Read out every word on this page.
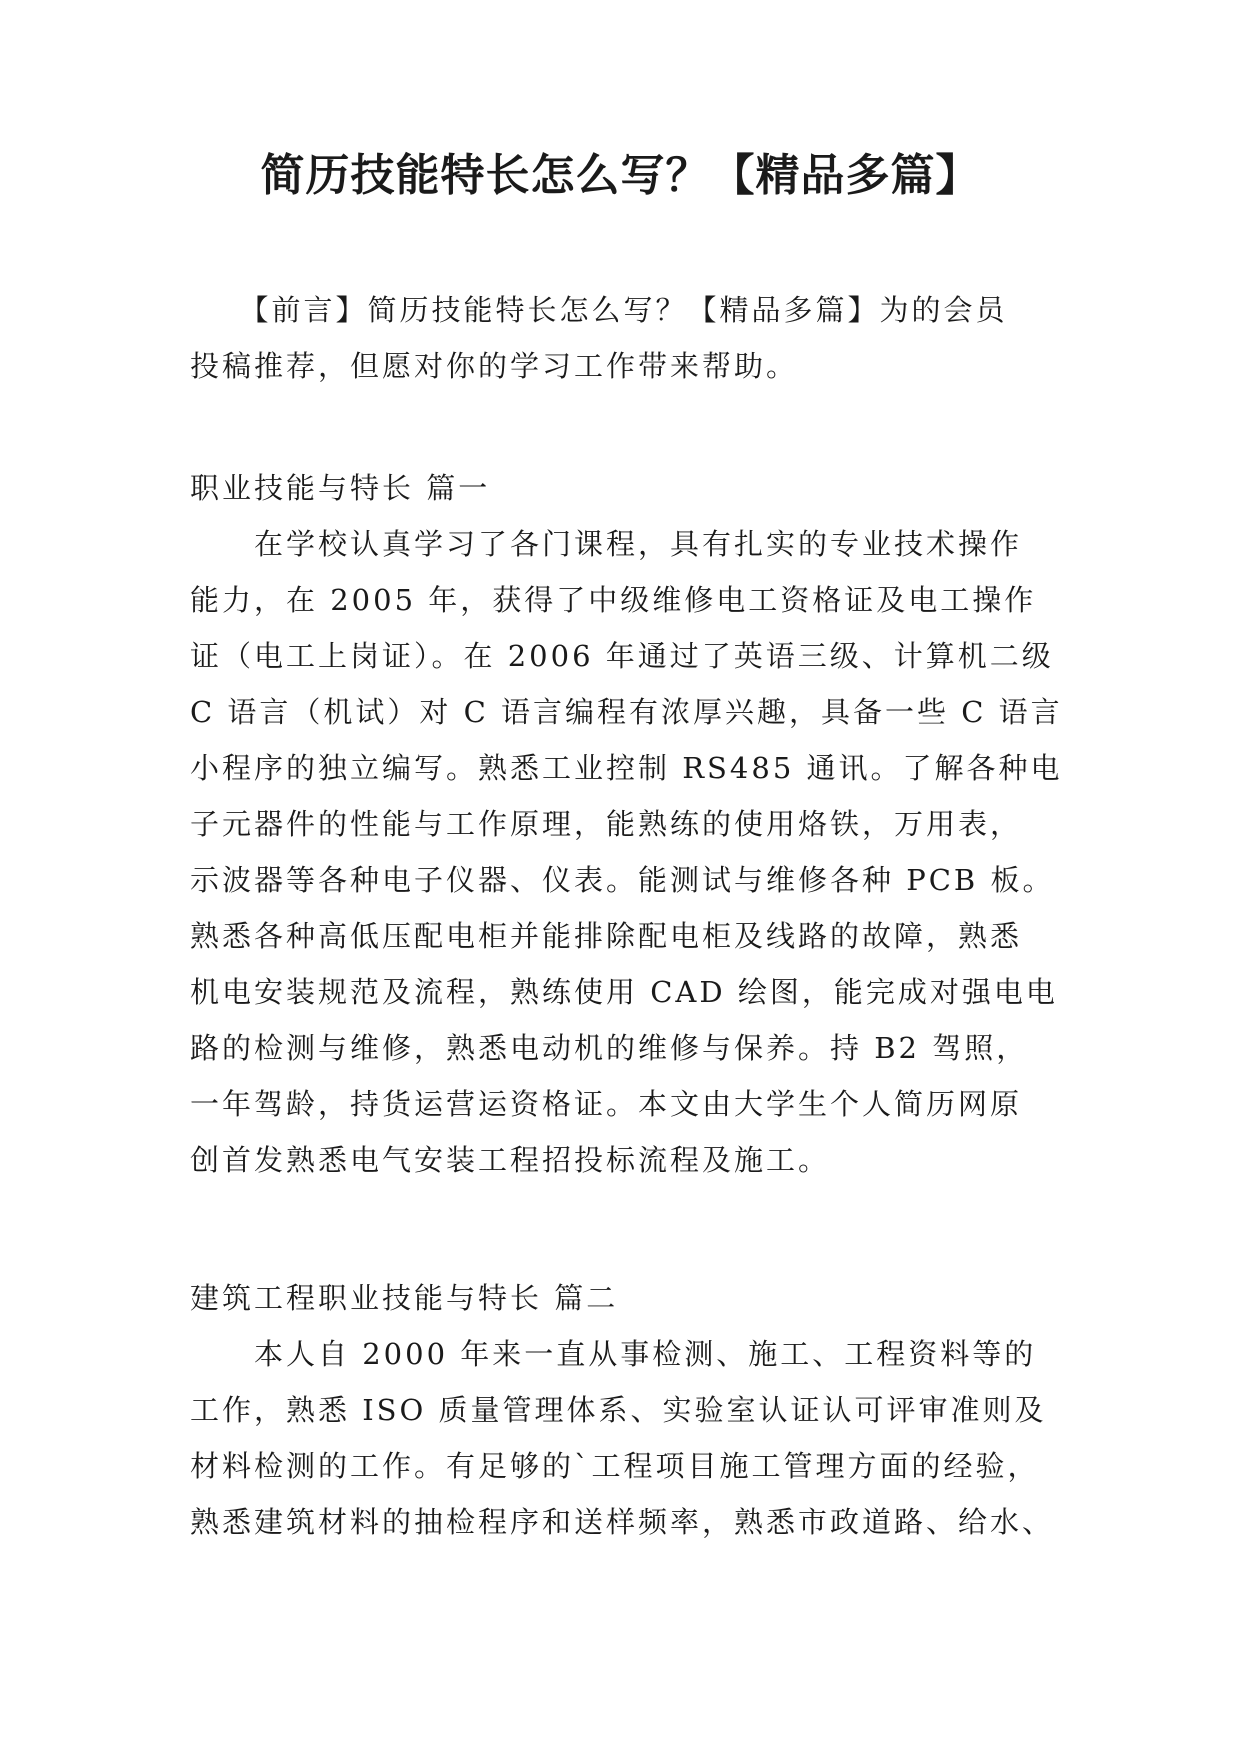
简历技能特长怎么写？【精品多篇】
　　【前言】简历技能特长怎么写？【精品多篇】为的会员
投稿推荐，但愿对你的学习工作带来帮助。
职业技能与特长 篇一
　　在学校认真学习了各门课程，具有扎实的专业技术操作
能力，在 2005 年，获得了中级维修电工资格证及电工操作
证（电工上岗证）。在 2006 年通过了英语三级、计算机二级
C 语言（机试）对 C 语言编程有浓厚兴趣，具备一些 C 语言
小程序的独立编写。熟悉工业控制 RS485 通讯。了解各种电
子元器件的性能与工作原理，能熟练的使用烙铁，万用表，
示波器等各种电子仪器、仪表。能测试与维修各种 PCB 板。
熟悉各种高低压配电柜并能排除配电柜及线路的故障，熟悉
机电安装规范及流程，熟练使用 CAD 绘图，能完成对强电电
路的检测与维修，熟悉电动机的维修与保养。持 B2 驾照，
一年驾龄，持货运营运资格证。本文由大学生个人简历网原
创首发熟悉电气安装工程招投标流程及施工。
建筑工程职业技能与特长 篇二
　　本人自 2000 年来一直从事检测、施工、工程资料等的
工作，熟悉 ISO 质量管理体系、实验室认证认可评审准则及
材料检测的工作。有足够的`工程项目施工管理方面的经验，
熟悉建筑材料的抽检程序和送样频率，熟悉市政道路、给水、
